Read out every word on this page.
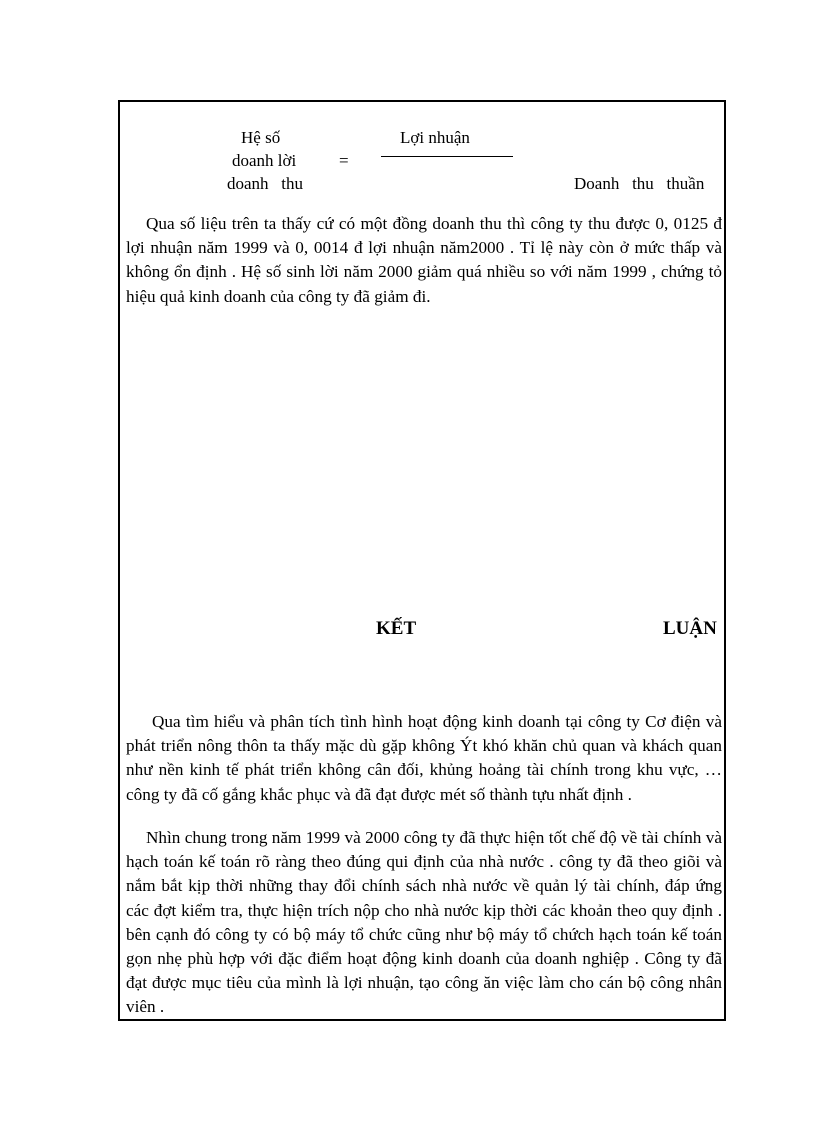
Hệ số
doanh lời
doanh   thu
=
Lợi nhuận
Doanh   thu   thuần

Qua số liệu trên ta thấy cứ có một đồng doanh thu thì công ty thu được 0, 0125 đ lợi nhuận năm 1999 và 0, 0014 đ lợi nhuận năm2000 . Tỉ lệ này còn ở mức thấp và không ổn định . Hệ số sinh lời năm 2000 giảm quá nhiều so với năm 1999 , chứng tỏ hiệu quả kinh doanh của công ty đã giảm đi.

KẾT	LUẬN

Qua tìm hiểu và phân tích tình hình hoạt động kinh doanh tại công ty Cơ điện và phát triển nông thôn ta thấy mặc dù gặp không Ýt khó khăn chủ quan và khách quan như nền kinh tế phát triển không cân đối, khủng hoảng tài chính trong khu vực, … công ty đã cố gắng khắc phục và đã đạt được mét số thành tựu nhất định .

Nhìn chung trong năm 1999 và 2000 công ty đã thực hiện tốt chế độ về tài chính và hạch toán kế toán rõ ràng theo đúng qui định của nhà nước . công ty đã theo giõi và nắm bắt kịp thời những thay đổi chính sách nhà nước về quản lý tài chính, đáp ứng các đợt kiểm tra, thực hiện trích nộp cho nhà nước kịp thời các khoản theo quy định . bên cạnh đó công ty có bộ máy tổ chức cũng như bộ máy tổ chứch hạch toán kế toán gọn nhẹ phù hợp với đặc điểm hoạt động kinh doanh của doanh nghiệp . Công ty đã đạt được mục tiêu của mình là lợi nhuận, tạo công ăn việc làm cho cán bộ công nhân viên .
